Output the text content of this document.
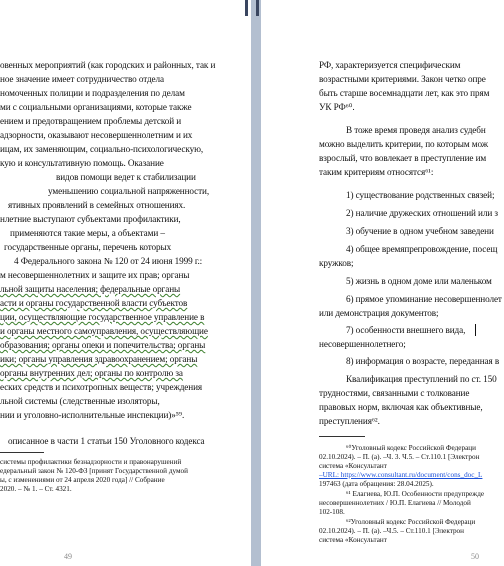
овенных мероприятий (как городских и районных, так и
ное значение имеет сотрудничество отдела
номоченных полиции и подразделения по делам
ми с социальными организациями, которые также
ением и предотвращением проблемы детской и
адзорности, оказывают несовершеннолетним и их
ицам, их заменяющим, социально-психологическую,
кую и консультативную помощь. Оказание
видов помощи ведет к стабилизации
уменьшению социальной напряженности,
ятивных проявлений в семейных отношениях.
нлетние выступают субъектами профилактики,
применяются такие меры, а объектами –
государственные органы, перечень которых
4 Федерального закона № 120 от 24 июня 1999 г.:
м несовершеннолетних и защите их прав; органы
льной защиты населения; федеральные органы
асти и органы государственной власти субъектов
ции, осуществляющие государственное управление в
и органы местного самоуправления, осуществляющие
образования; органы опеки и попечительства; органы
ики; органы управления здравоохранением; органы
органы внутренних дел; органы по контролю за
еских средств и психотропных веществ; учреждения
льной системы (следственные изоляторы,
нии и уголовно-исполнительные инспекции)»⁵⁹.
описанное в части 1 статьи 150 Уголовного кодекса
системы профилактики безнадзорности и правонарушений
едеральный закон № 120-ФЗ [принят Государственной думой
ы, с изменениями от 24 апреля 2020 года] // Собрание
2020. – № 1. – Ст. 4321.
49
РФ, характеризуется специфическим
возрастными критериями. Закон четко опре
быть старше восемнадцати лет, как это прям
УК РФ⁶⁰.
В тоже время проведя анализ судебн
можно выделить критерии, по которым мож
взрослый, что вовлекает в преступление им
таким критериям относятся⁶¹:
1) существование родственных связей;
2) наличие дружеских отношений или з
3) обучение в одном учебном заведени
4) общее времяпрепровождение, посещ
кружков;
5) жизнь в одном доме или маленьком
6) прямое упоминание несовершеннолет
или демонстрация документов;
7) особенности внешнего вида,
несовершеннолетнего;
8) информация о возрасте, переданная в
Квалификация преступлений по ст. 150
трудностями, связанными с толкование
правовых норм, включая как объективные,
преступления⁶².
⁶⁰Уголовный кодекс Российской Федераци
02.10.2024). – П. (а). –Ч. 3. Ч.5. – Ст.110.1 [Электрон
система «Консультант
–URL: https://www.consultant.ru/document/cons_doc_L
197463 (дата обращения: 28.04.2025).
⁶¹ Елагиева, Ю.П. Особенности предупрежде
несовершеннолетних / Ю.П. Елагиева // Молодой
102-108.
⁶²Уголовный кодекс Российской Федераци
02.10.2024). – П. (а). –Ч.5. – Ст.110.1 [Электрон
система «Консультант
50
